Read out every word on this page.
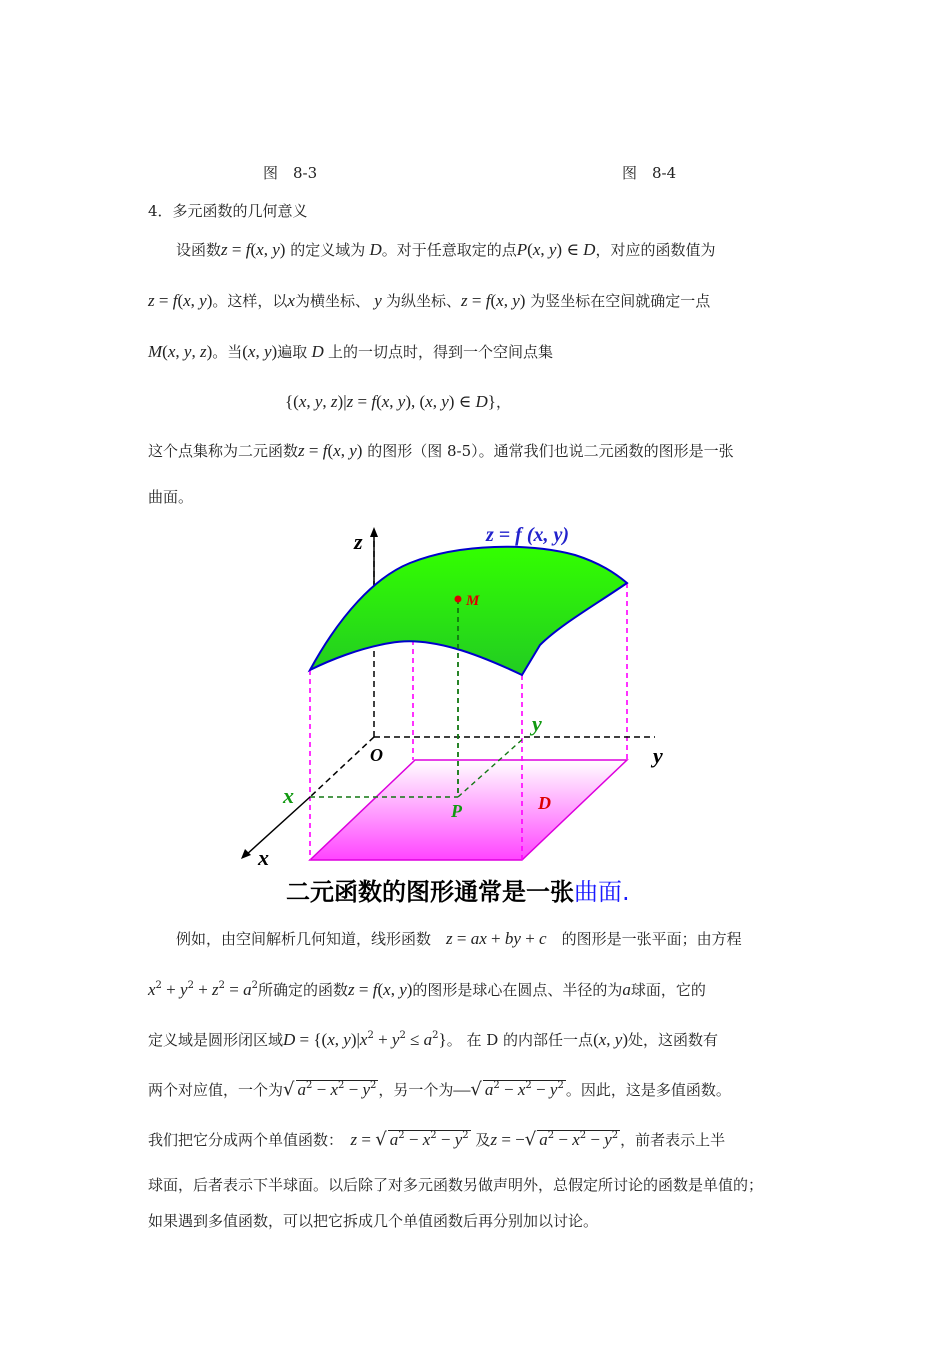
图　8-3	图　8-4
4．多元函数的几何意义
设函数z = f(x, y) 的定义域为 D。对于任意取定的点P(x, y) ∈ D，对应的函数值为
z = f(x, y)。这样，以x为横坐标、 y 为纵坐标、z = f(x, y) 为竖坐标在空间就确定一点
M(x, y, z)。当(x, y)遍取 D 上的一切点时，得到一个空间点集
{(x, y, z)|z = f(x, y), (x, y) ∈ D}，
这个点集称为二元函数z = f(x, y) 的图形（图 8-5）。通常我们也说二元函数的图形是一张
曲面。
z = f (x, y)
z
y
x
O
M
P
x
y
D
二元函数的图形通常是一张曲面.
例如，由空间解析几何知道，线形函数　 z = ax + by + c　 的图形是一张平面；由方程
$x^2 + y^2 + z^2 = a^2$所确定的函数z = f(x, y)的图形是球心在圆点、半径的为a球面，它的
定义域是圆形闭区域D = {(x, $y)|x^2 + y^2 \le a^2$}。 在 D 的内部任一点(x, y)处，这函数有
两个对应值，一个为√ $a^2 - x^2 - y^2$ ，另一个为—√ $a^2 - x^2 - y^2$ 。因此，这是多值函数。
我们把它分成两个单值函数：　 z = √ $a^2 - x^2 - y^2$ 及z = −√ $a^2 - x^2 - y^2$ ，前者表示上半
球面，后者表示下半球面。以后除了对多元函数另做声明外，总假定所讨论的函数是单值的；
如果遇到多值函数，可以把它拆成几个单值函数后再分别加以讨论。
